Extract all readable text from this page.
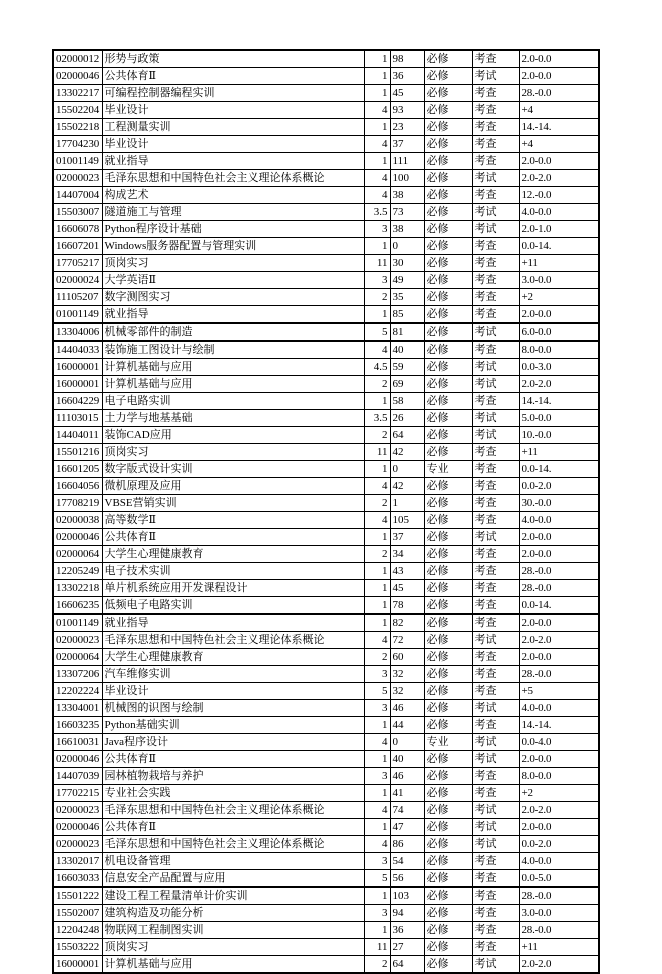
02000012	形势与政策	1	98	必修	考查	2.0-0.0
02000046	公共体育Ⅱ	1	36	必修	考试	2.0-0.0
13302217	可编程控制器编程实训	1	45	必修	考查	28.-0.0
15502204	毕业设计	4	93	必修	考查	+4
15502218	工程测量实训	1	23	必修	考查	14.-14.
17704230	毕业设计	4	37	必修	考查	+4
01001149	就业指导	1	111	必修	考查	2.0-0.0
02000023	毛泽东思想和中国特色社会主义理论体系概论	4	100	必修	考试	2.0-2.0
14407004	构成艺术	4	38	必修	考查	12.-0.0
15503007	隧道施工与管理	3.5	73	必修	考试	4.0-0.0
16606078	Python程序设计基础	3	38	必修	考试	2.0-1.0
16607201	Windows服务器配置与管理实训	1	0	必修	考查	0.0-14.
17705217	顶岗实习	11	30	必修	考查	+11
02000024	大学英语Ⅱ	3	49	必修	考查	3.0-0.0
11105207	数字测图实习	2	35	必修	考查	+2
01001149	就业指导	1	85	必修	考查	2.0-0.0
13304006	机械零部件的制造	5	81	必修	考试	6.0-0.0
14404033	装饰施工图设计与绘制	4	40	必修	考查	8.0-0.0
16000001	计算机基础与应用	4.5	59	必修	考试	0.0-3.0
16000001	计算机基础与应用	2	69	必修	考试	2.0-2.0
16604229	电子电路实训	1	58	必修	考查	14.-14.
11103015	土力学与地基基础	3.5	26	必修	考试	5.0-0.0
14404011	装饰CAD应用	2	64	必修	考试	10.-0.0
15501216	顶岗实习	11	42	必修	考查	+11
16601205	数字版式设计实训	1	0	专业	考查	0.0-14.
16604056	微机原理及应用	4	42	必修	考查	0.0-2.0
17708219	VBSE营销实训	2	1	必修	考查	30.-0.0
02000038	高等数学Ⅱ	4	105	必修	考查	4.0-0.0
02000046	公共体育Ⅱ	1	37	必修	考试	2.0-0.0
02000064	大学生心理健康教育	2	34	必修	考查	2.0-0.0
12205249	电子技术实训	1	43	必修	考查	28.-0.0
13302218	单片机系统应用开发课程设计	1	45	必修	考查	28.-0.0
16606235	低频电子电路实训	1	78	必修	考查	0.0-14.
01001149	就业指导	1	82	必修	考查	2.0-0.0
02000023	毛泽东思想和中国特色社会主义理论体系概论	4	72	必修	考试	2.0-2.0
02000064	大学生心理健康教育	2	60	必修	考查	2.0-0.0
13307206	汽车维修实训	3	32	必修	考查	28.-0.0
12202224	毕业设计	5	32	必修	考查	+5
13304001	机械图的识图与绘制	3	46	必修	考试	4.0-0.0
16603235	Python基础实训	1	44	必修	考查	14.-14.
16610031	Java程序设计	4	0	专业	考试	0.0-4.0
02000046	公共体育Ⅱ	1	40	必修	考试	2.0-0.0
14407039	园林植物栽培与养护	3	46	必修	考查	8.0-0.0
17702215	专业社会实践	1	41	必修	考查	+2
02000023	毛泽东思想和中国特色社会主义理论体系概论	4	74	必修	考试	2.0-2.0
02000046	公共体育Ⅱ	1	47	必修	考试	2.0-0.0
02000023	毛泽东思想和中国特色社会主义理论体系概论	4	86	必修	考试	0.0-2.0
13302017	机电设备管理	3	54	必修	考查	4.0-0.0
16603033	信息安全产品配置与应用	5	56	必修	考查	0.0-5.0
15501222	建设工程工程量清单计价实训	1	103	必修	考查	28.-0.0
15502007	建筑构造及功能分析	3	94	必修	考查	3.0-0.0
12204248	物联网工程制图实训	1	36	必修	考查	28.-0.0
15503222	顶岗实习	11	27	必修	考查	+11
16000001	计算机基础与应用	2	64	必修	考试	2.0-2.0
